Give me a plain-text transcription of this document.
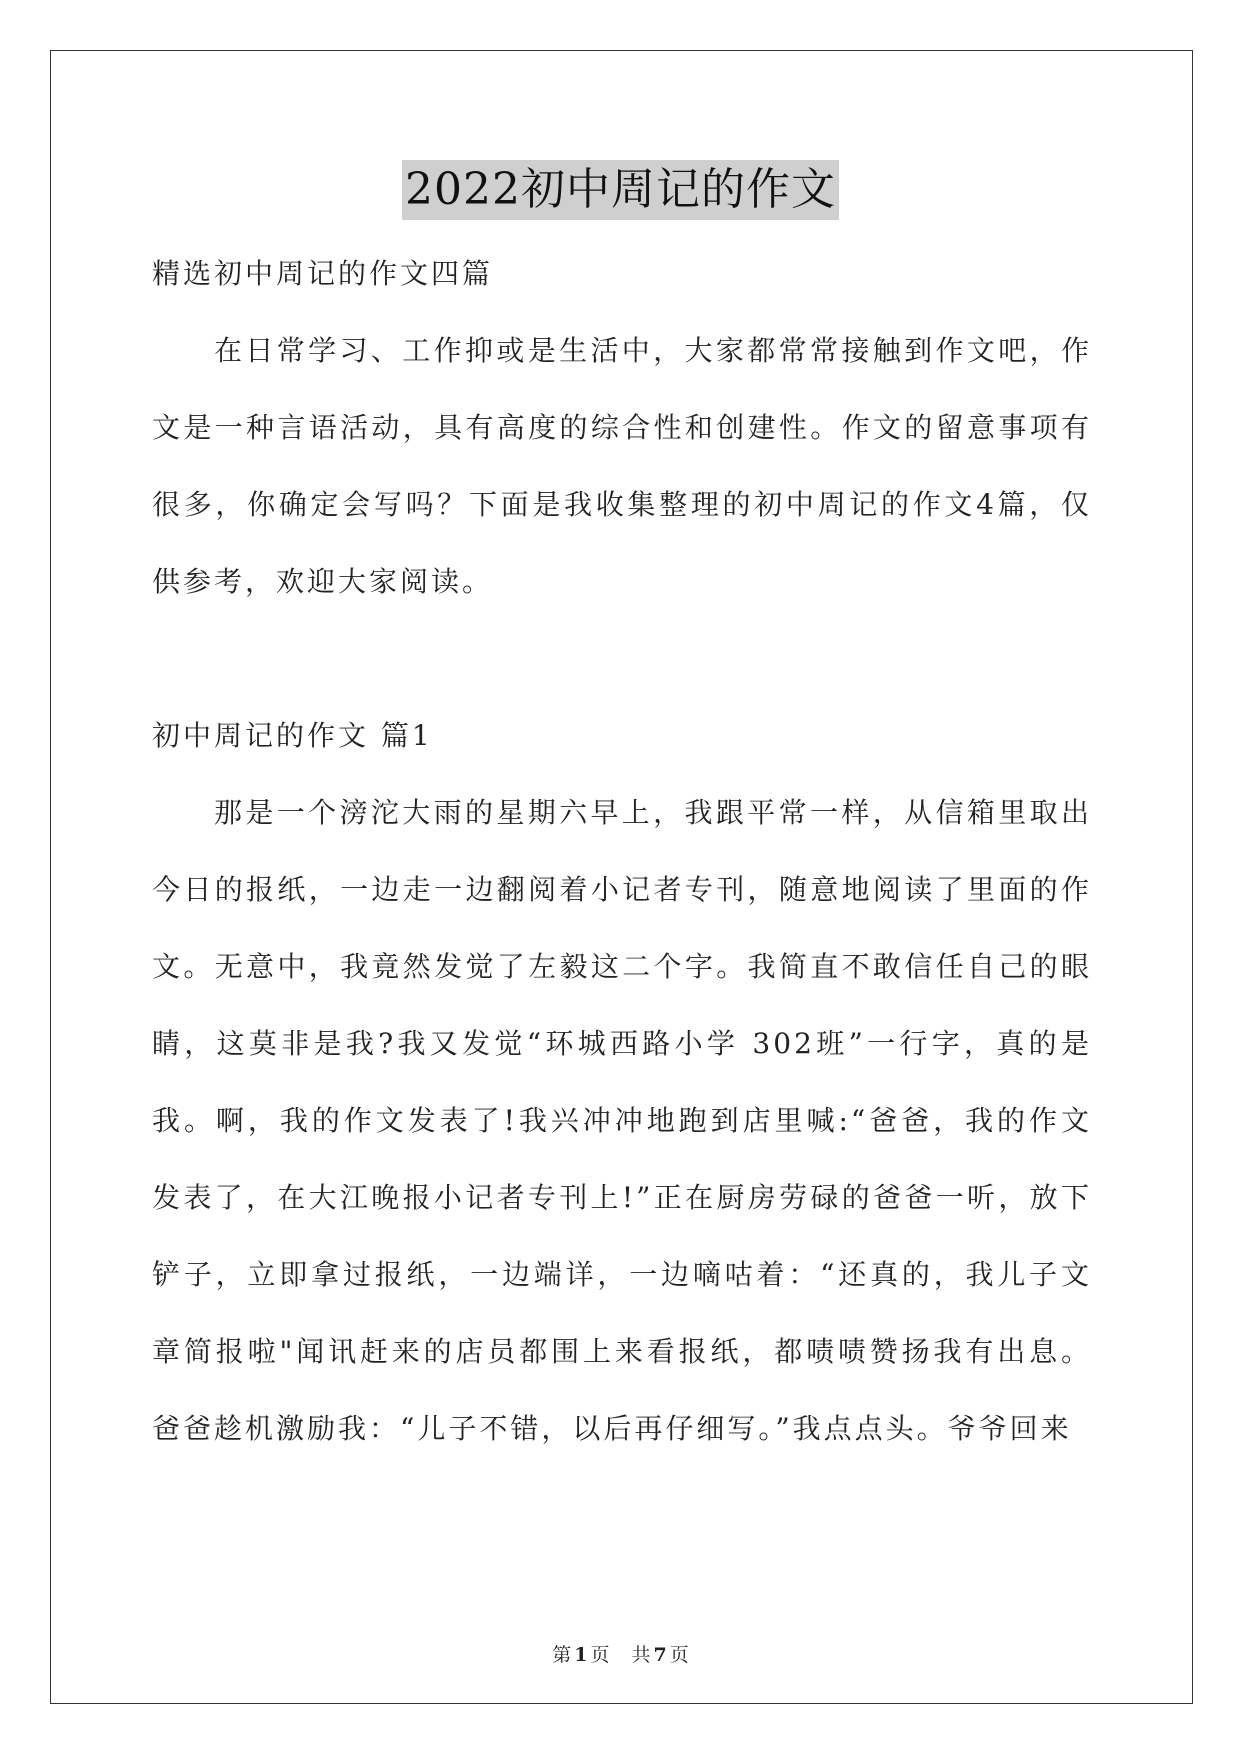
2022初中周记的作文

精选初中周记的作文四篇

在日常学习、工作抑或是生活中，大家都常常接触到作文吧，作文是一种言语活动，具有高度的综合性和创建性。作文的留意事项有很多，你确定会写吗？下面是我收集整理的初中周记的作文4篇，仅供参考，欢迎大家阅读。

初中周记的作文 篇1

那是一个滂沱大雨的星期六早上，我跟平常一样，从信箱里取出今日的报纸，一边走一边翻阅着小记者专刊，随意地阅读了里面的作文。无意中，我竟然发觉了左毅这二个字。我简直不敢信任自己的眼睛，这莫非是我?我又发觉“环城西路小学 302班”一行字，真的是我。啊，我的作文发表了!我兴冲冲地跑到店里喊:“爸爸，我的作文发表了，在大江晚报小记者专刊上!”正在厨房劳碌的爸爸一听，放下铲子，立即拿过报纸，一边端详，一边嘀咕着：“还真的，我儿子文章简报啦"闻讯赶来的店员都围上来看报纸，都啧啧赞扬我有出息。爸爸趁机激励我：“儿子不错，以后再仔细写。”我点点头。爷爷回来

第 1 页 共 7 页
